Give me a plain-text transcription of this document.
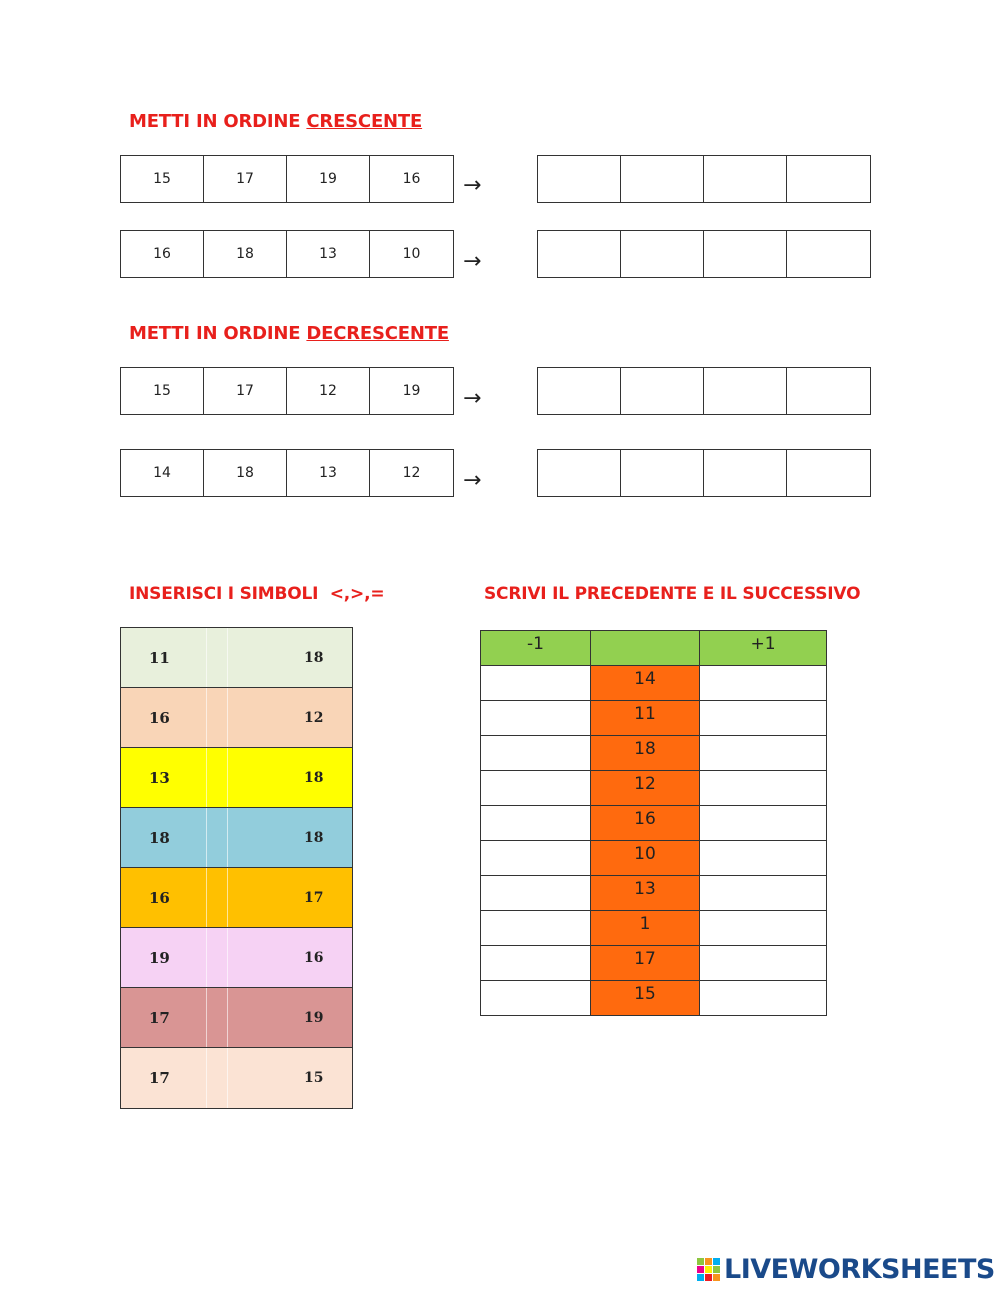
METTI IN ORDINE CRESCENTE
15	17	19	16	→
16	18	13	10	→
METTI IN ORDINE DECRESCENTE
15	17	12	19	→
14	18	13	12	→
INSERISCI I SIMBOLI  <,>,=
11	18
16	12
13	18
18	18
16	17
19	16
17	19
17	15
SCRIVI IL PRECEDENTE E IL SUCCESSIVO
-1		+1
	14	
	11	
	18	
	12	
	16	
	10	
	13	
	1	
	17	
	15	
LIVEWORKSHEETS
